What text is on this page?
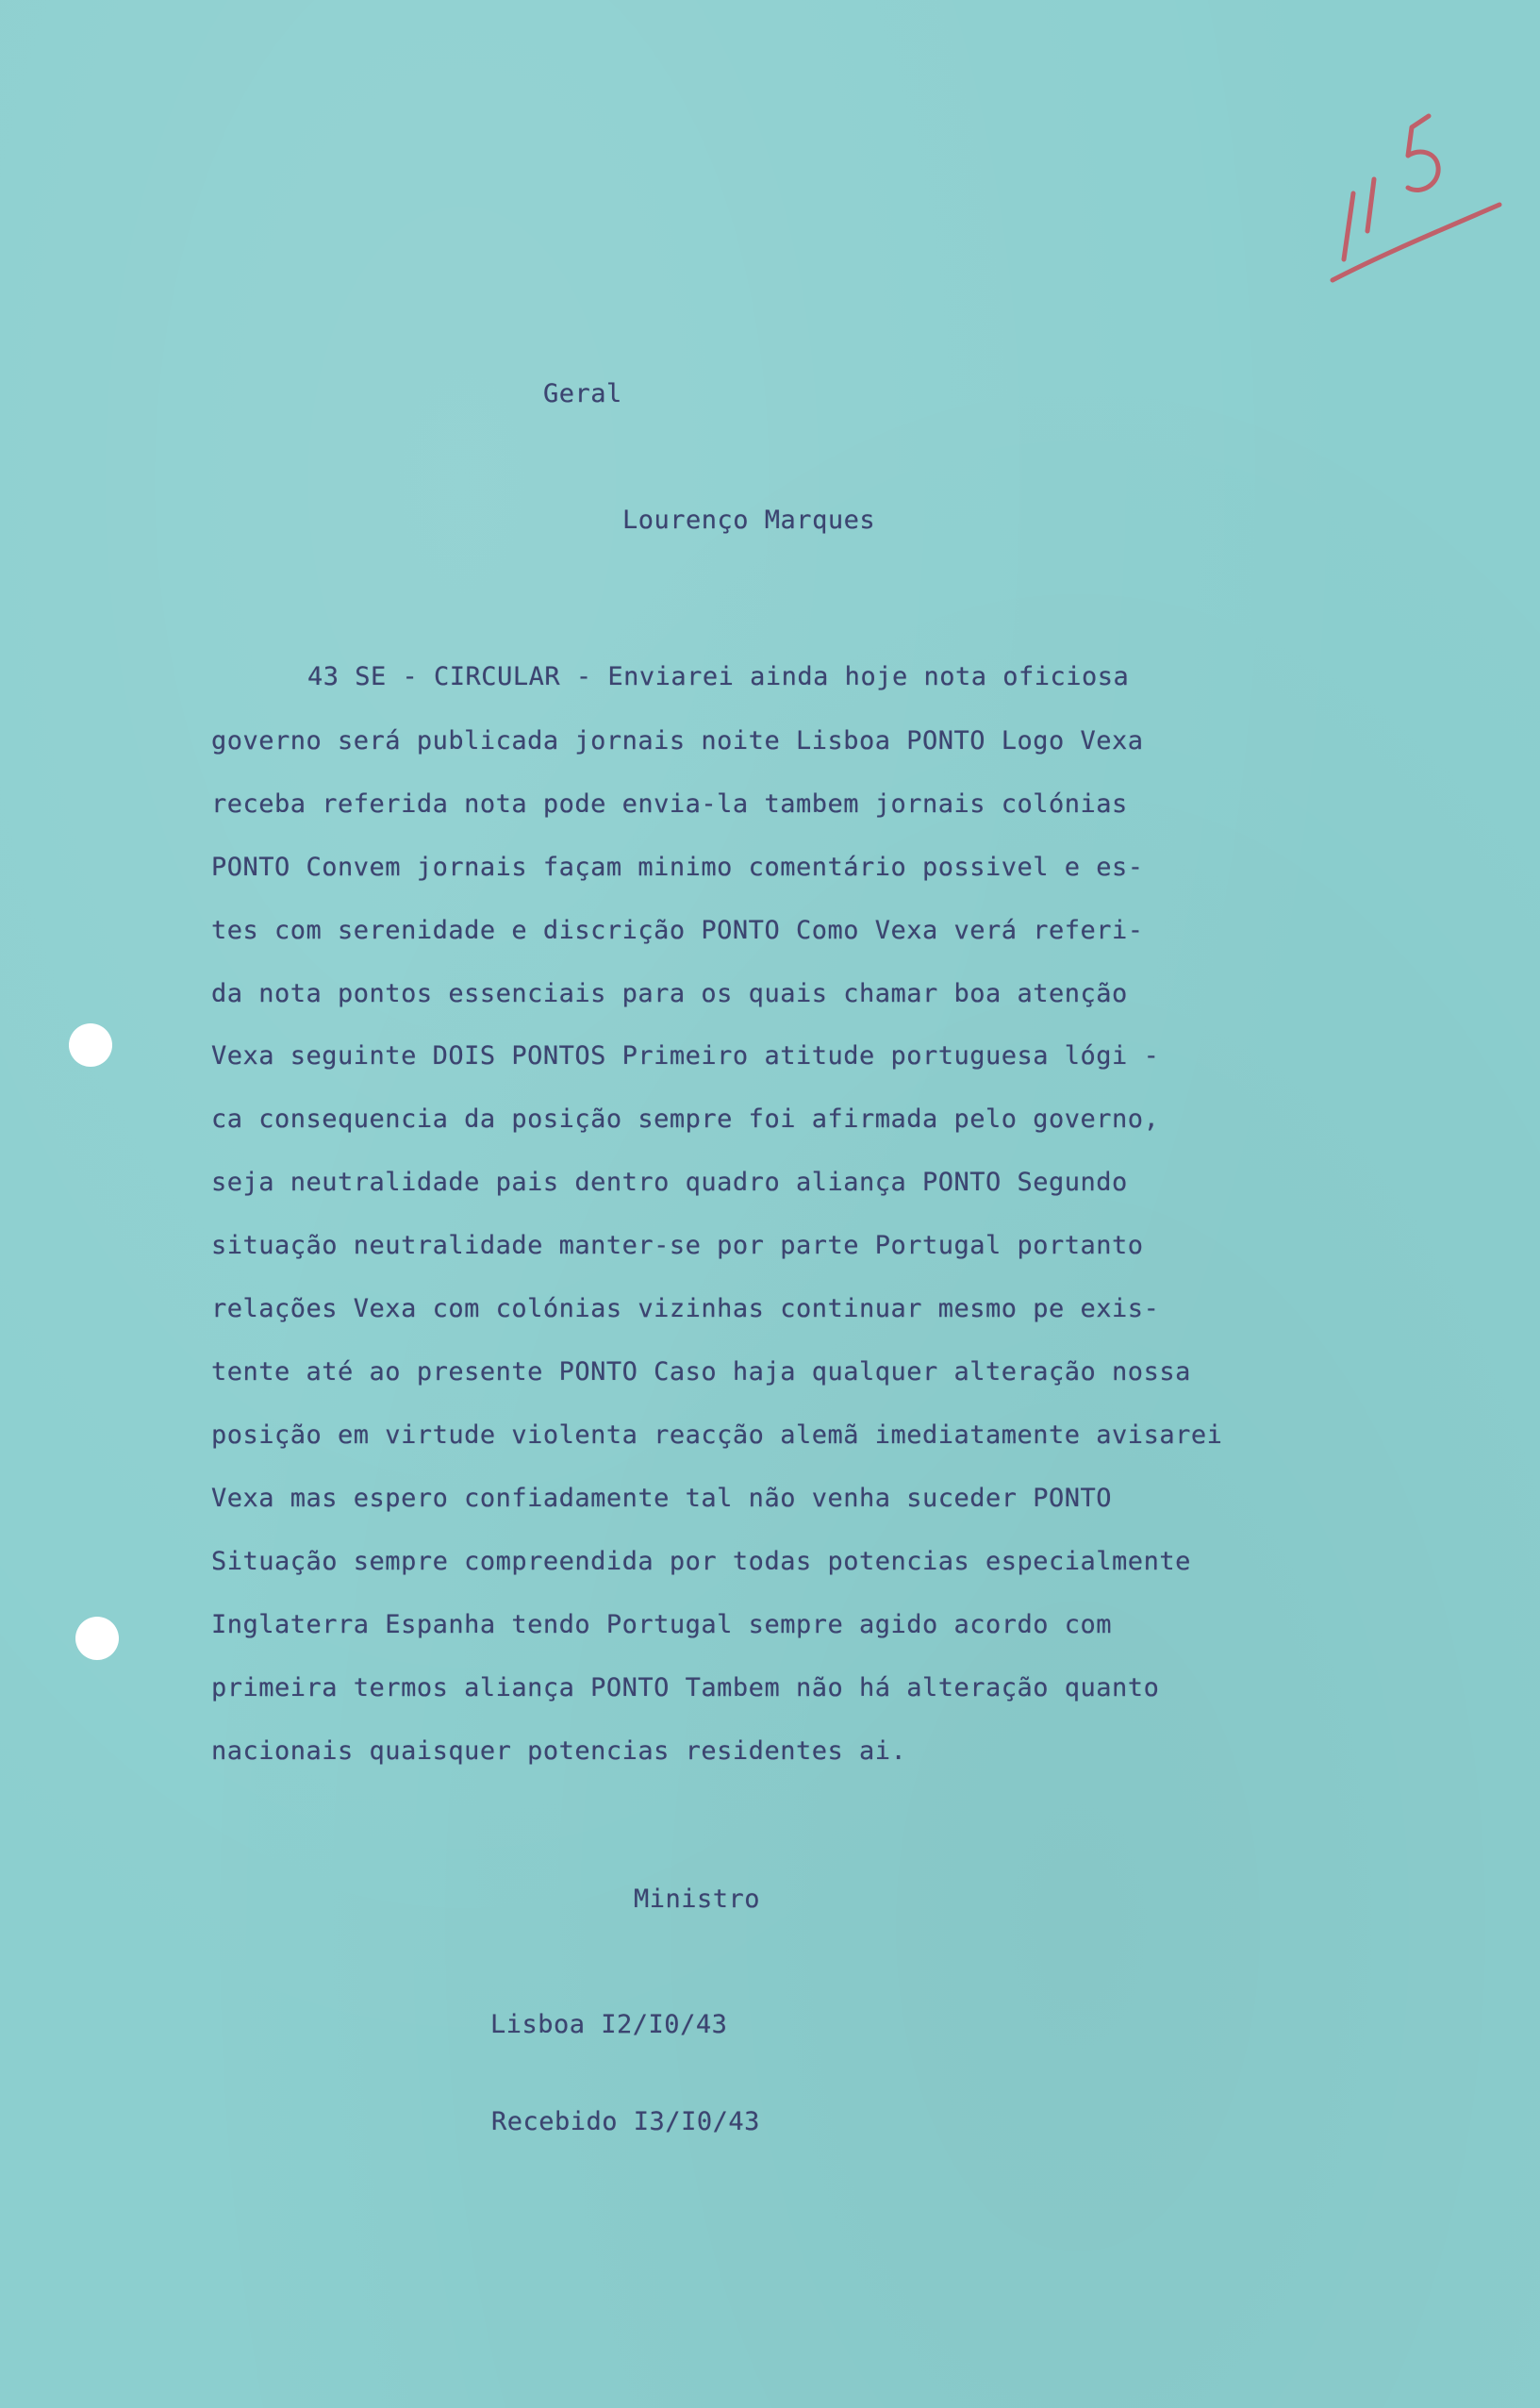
Geral
Lourenço Marques
43 SE - CIRCULAR - Enviarei ainda hoje nota oficiosa
governo será publicada jornais noite Lisboa PONTO Logo Vexa
receba referida nota pode envia-la tambem jornais colónias
PONTO Convem jornais façam minimo comentário possivel e es-
tes com serenidade e discrição PONTO Como Vexa verá referi-
da nota pontos essenciais para os quais chamar boa atenção
Vexa seguinte DOIS PONTOS Primeiro atitude portuguesa lógi -
ca consequencia da posição sempre foi afirmada pelo governo,
seja neutralidade pais dentro quadro aliança PONTO Segundo
situação neutralidade manter-se por parte Portugal portanto
relações Vexa com colónias vizinhas continuar mesmo pe exis-
tente até ao presente PONTO Caso haja qualquer alteração nossa
posição em virtude violenta reacção alemã imediatamente avisarei
Vexa mas espero confiadamente tal não venha suceder PONTO
Situação sempre compreendida por todas potencias especialmente
Inglaterra Espanha tendo Portugal sempre agido acordo com
primeira termos aliança PONTO Tambem não há alteração quanto
nacionais quaisquer potencias residentes ai.
Ministro
Lisboa I2/I0/43
Recebido I3/I0/43
